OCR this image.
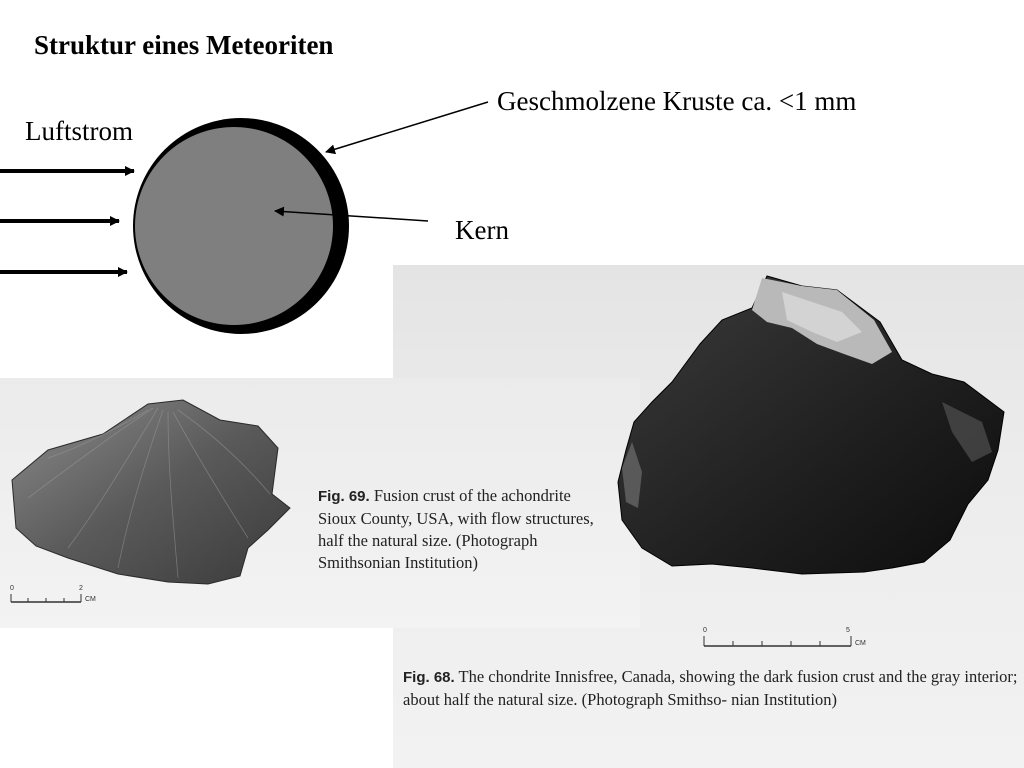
Struktur eines Meteoriten
Luftstrom
Geschmolzene Kruste ca. <1 mm
Kern
0	2
CM
0	5
CM
Fig. 69. Fusion crust of the achondrite Sioux County, USA, with flow structures, half the natural size. (Photograph Smithsonian Institution)
Fig. 68. The chondrite Innisfree, Canada, showing the dark fusion crust and the gray interior; about half the natural size. (Photograph Smithso- nian Institution)
